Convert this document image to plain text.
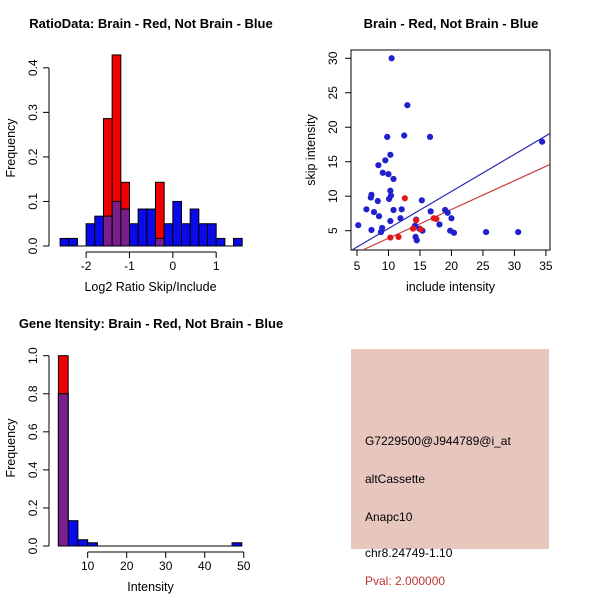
RatioData: Brain - Red, Not Brain - Blue
Log2 Ratio Skip/Include
Frequency
0.0
0.1
0.2
0.3
0.4
-2	-1	0	1
Brain - Red, Not Brain - Blue
include intensity
skip intensity
5 10 15 20 25 30 35
5
10
15
20
25
30
Gene Itensity: Brain - Red, Not Brain - Blue
Intensity
Frequency
0.0
0.2
0.4
0.6
0.8
1.0
10 20 30 40 50
G7229500@J944789@i_at
altCassette
Anapc10
chr8.24749-1.10
Pval: 2.000000
